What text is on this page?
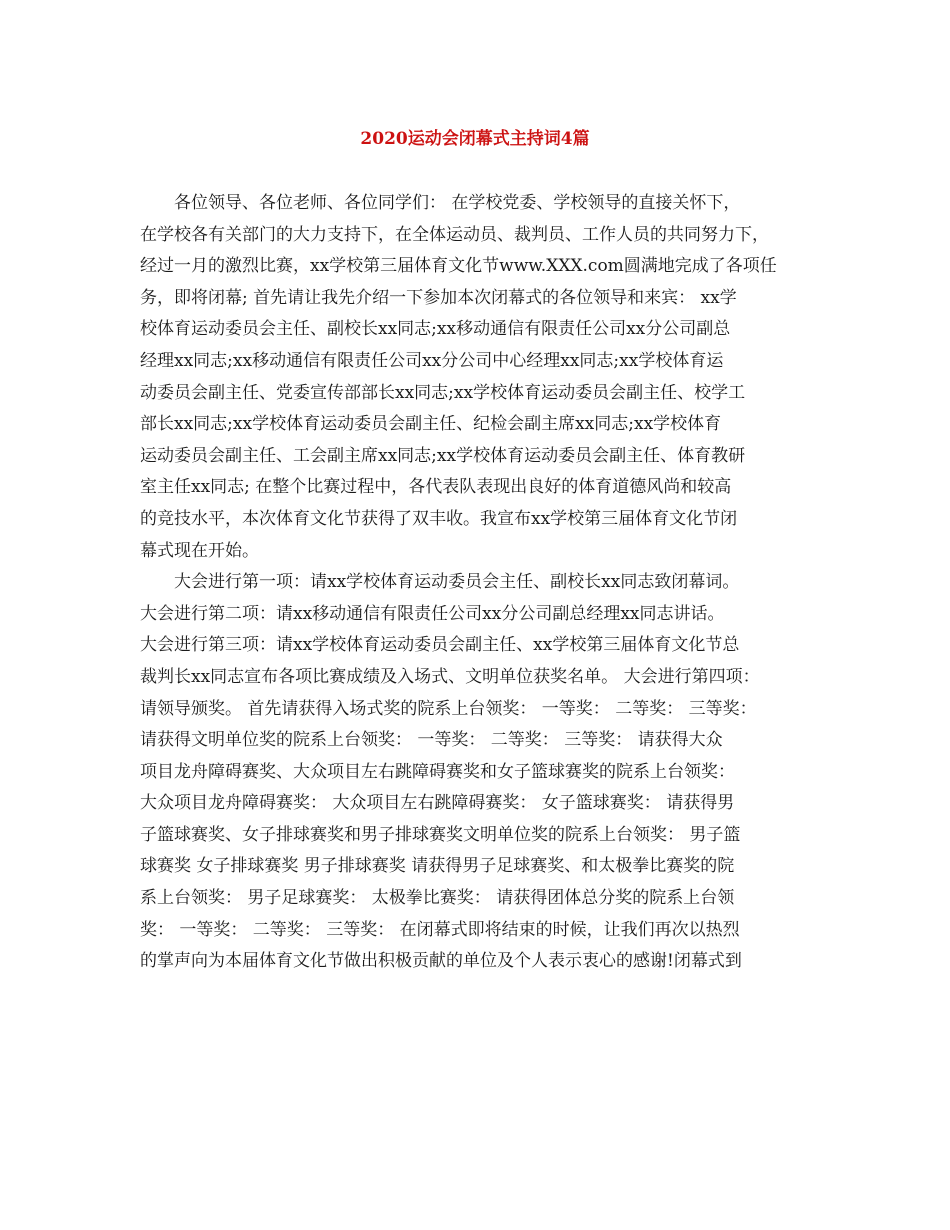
2020运动会闭幕式主持词4篇
各位领导、各位老师、各位同学们： 在学校党委、学校领导的直接关怀下，
在学校各有关部门的大力支持下，在全体运动员、裁判员、工作人员的共同努力下，
经过一月的激烈比赛，xx学校第三届体育文化节www.XXX.com圆满地完成了各项任
务，即将闭幕; 首先请让我先介绍一下参加本次闭幕式的各位领导和来宾： xx学
校体育运动委员会主任、副校长xx同志;xx移动通信有限责任公司xx分公司副总
经理xx同志;xx移动通信有限责任公司xx分公司中心经理xx同志;xx学校体育运
动委员会副主任、党委宣传部部长xx同志;xx学校体育运动委员会副主任、校学工
部长xx同志;xx学校体育运动委员会副主任、纪检会副主席xx同志;xx学校体育
运动委员会副主任、工会副主席xx同志;xx学校体育运动委员会副主任、体育教研
室主任xx同志; 在整个比赛过程中，各代表队表现出良好的体育道德风尚和较高
的竞技水平，本次体育文化节获得了双丰收。我宣布xx学校第三届体育文化节闭
幕式现在开始。
大会进行第一项：请xx学校体育运动委员会主任、副校长xx同志致闭幕词。
大会进行第二项：请xx移动通信有限责任公司xx分公司副总经理xx同志讲话。
大会进行第三项：请xx学校体育运动委员会副主任、xx学校第三届体育文化节总
裁判长xx同志宣布各项比赛成绩及入场式、文明单位获奖名单。 大会进行第四项：
请领导颁奖。 首先请获得入场式奖的院系上台领奖： 一等奖： 二等奖： 三等奖：
请获得文明单位奖的院系上台领奖： 一等奖： 二等奖： 三等奖： 请获得大众
项目龙舟障碍赛奖、大众项目左右跳障碍赛奖和女子篮球赛奖的院系上台领奖：
大众项目龙舟障碍赛奖： 大众项目左右跳障碍赛奖： 女子篮球赛奖： 请获得男
子篮球赛奖、女子排球赛奖和男子排球赛奖文明单位奖的院系上台领奖： 男子篮
球赛奖 女子排球赛奖 男子排球赛奖 请获得男子足球赛奖、和太极拳比赛奖的院
系上台领奖： 男子足球赛奖： 太极拳比赛奖： 请获得团体总分奖的院系上台领
奖： 一等奖： 二等奖： 三等奖： 在闭幕式即将结束的时候，让我们再次以热烈
的掌声向为本届体育文化节做出积极贡献的单位及个人表示衷心的感谢!闭幕式到
